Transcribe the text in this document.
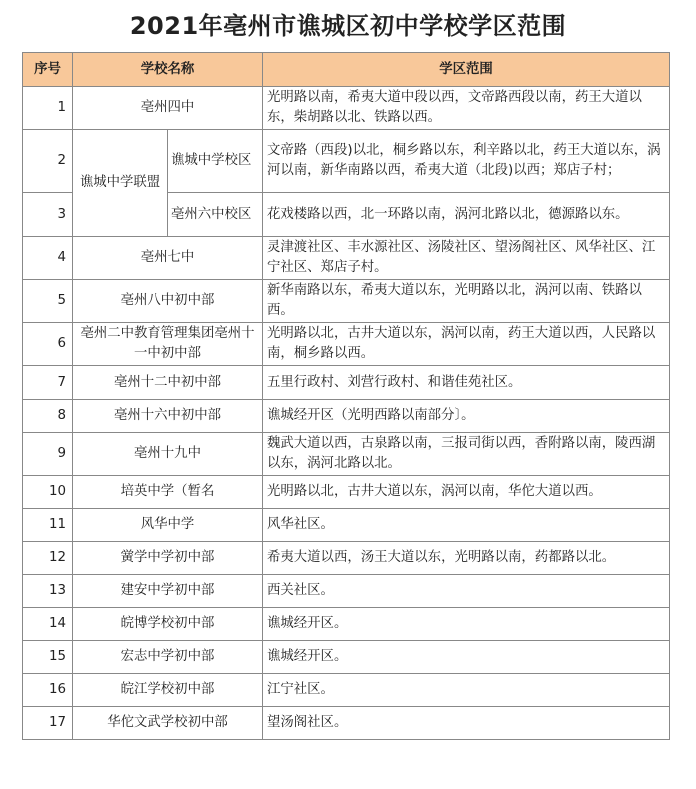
2021年亳州市谯城区初中学校学区范围
序号	学校名称		学区范围
1	亳州四中		光明路以南，希夷大道中段以西，文帝路西段以南，药王大道以东，柴胡路以北、铁路以西。
2	谯城中学联盟	谯城中学校区	文帝路（西段)以北，桐乡路以东，利辛路以北，药王大道以东，涡河以南，新华南路以西，希夷大道（北段)以西；郑店子村；
3		亳州六中校区	花戏楼路以西，北一环路以南，涡河北路以北，德源路以东。
4	亳州七中		灵津渡社区、丰水源社区、汤陵社区、望汤阁社区、风华社区、江宁社区、郑店子村。
5	亳州八中初中部		新华南路以东，希夷大道以东，光明路以北，涡河以南、铁路以西。
6	亳州二中教育管理集团亳州十一中初中部		光明路以北，古井大道以东，涡河以南，药王大道以西，人民路以南，桐乡路以西。
7	亳州十二中初中部		五里行政村、刘营行政村、和谐佳苑社区。
8	亳州十六中初中部		谯城经开区（光明西路以南部分〕。
9	亳州十九中		魏武大道以西，古泉路以南，三报司街以西，香附路以南，陵西湖以东，涡河北路以北。
10	培英中学（暂名		光明路以北，古井大道以东，涡河以南，华佗大道以西。
11	风华中学		风华社区。
12	黉学中学初中部		希夷大道以西，汤王大道以东，光明路以南，药都路以北。
13	建安中学初中部		西关社区。
14	皖博学校初中部		谯城经开区。
15	宏志中学初中部		谯城经开区。
16	皖江学校初中部		江宁社区。
17	华佗文武学校初中部		望汤阁社区。
